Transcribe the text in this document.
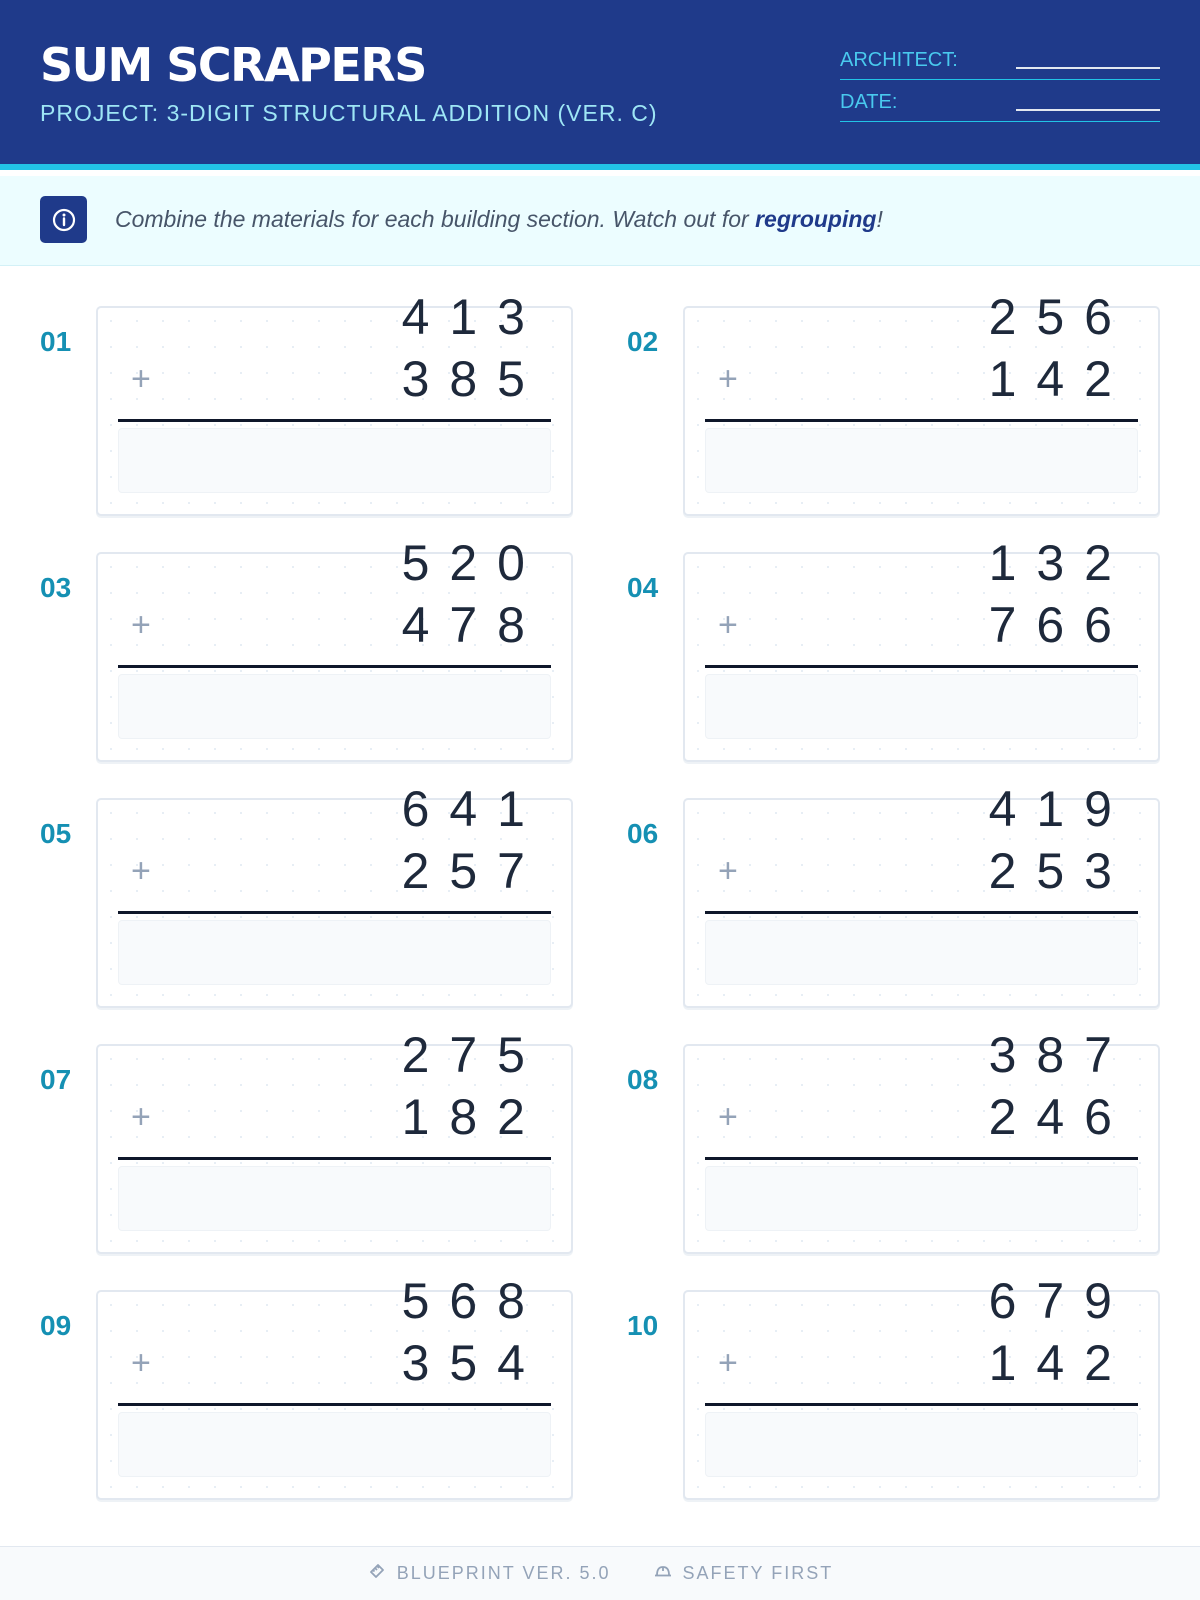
SUM SCRAPERS
PROJECT: 3-DIGIT STRUCTURAL ADDITION (VER. C)
ARCHITECT:
DATE:

Combine the materials for each building section. Watch out for regrouping!

01	413
+	385
02	256
+	142
03	520
+	478
04	132
+	766
05	641
+	257
06	419
+	253
07	275
+	182
08	387
+	246
09	568
+	354
10	679
+	142
BLUEPRINT VER. 5.0	SAFETY FIRST
